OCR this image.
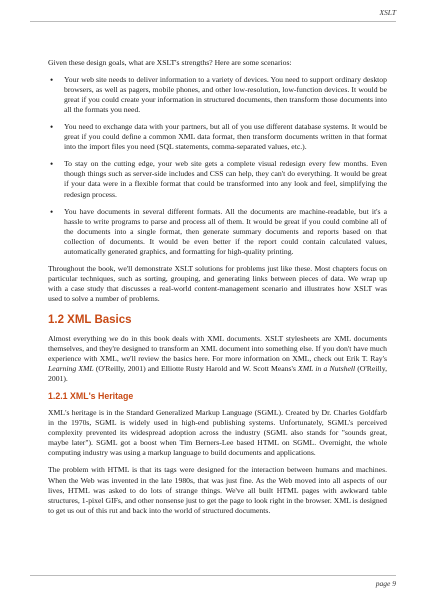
XSLT

Given these design goals, what are XSLT's strengths? Here are some scenarios:

• Your web site needs to deliver information to a variety of devices. You need to support ordinary desktop browsers, as well as pagers, mobile phones, and other low-resolution, low-function devices. It would be great if you could create your information in structured documents, then transform those documents into all the formats you need.
• You need to exchange data with your partners, but all of you use different database systems. It would be great if you could define a common XML data format, then transform documents written in that format into the import files you need (SQL statements, comma-separated values, etc.).
• To stay on the cutting edge, your web site gets a complete visual redesign every few months. Even though things such as server-side includes and CSS can help, they can't do everything. It would be great if your data were in a flexible format that could be transformed into any look and feel, simplifying the redesign process.
• You have documents in several different formats. All the documents are machine-readable, but it's a hassle to write programs to parse and process all of them. It would be great if you could combine all of the documents into a single format, then generate summary documents and reports based on that collection of documents. It would be even better if the report could contain calculated values, automatically generated graphics, and formatting for high-quality printing.

Throughout the book, we'll demonstrate XSLT solutions for problems just like these. Most chapters focus on particular techniques, such as sorting, grouping, and generating links between pieces of data. We wrap up with a case study that discusses a real-world content-management scenario and illustrates how XSLT was used to solve a number of problems.

1.2 XML Basics

Almost everything we do in this book deals with XML documents. XSLT stylesheets are XML documents themselves, and they're designed to transform an XML document into something else. If you don't have much experience with XML, we'll review the basics here. For more information on XML, check out Erik T. Ray's Learning XML (O'Reilly, 2001) and Elliotte Rusty Harold and W. Scott Means's XML in a Nutshell (O'Reilly, 2001).

1.2.1 XML's Heritage

XML's heritage is in the Standard Generalized Markup Language (SGML). Created by Dr. Charles Goldfarb in the 1970s, SGML is widely used in high-end publishing systems. Unfortunately, SGML's perceived complexity prevented its widespread adoption across the industry (SGML also stands for "sounds great, maybe later"). SGML got a boost when Tim Berners-Lee based HTML on SGML. Overnight, the whole computing industry was using a markup language to build documents and applications.

The problem with HTML is that its tags were designed for the interaction between humans and machines. When the Web was invented in the late 1980s, that was just fine. As the Web moved into all aspects of our lives, HTML was asked to do lots of strange things. We've all built HTML pages with awkward table structures, 1-pixel GIFs, and other nonsense just to get the page to look right in the browser. XML is designed to get us out of this rut and back into the world of structured documents.

page 9
